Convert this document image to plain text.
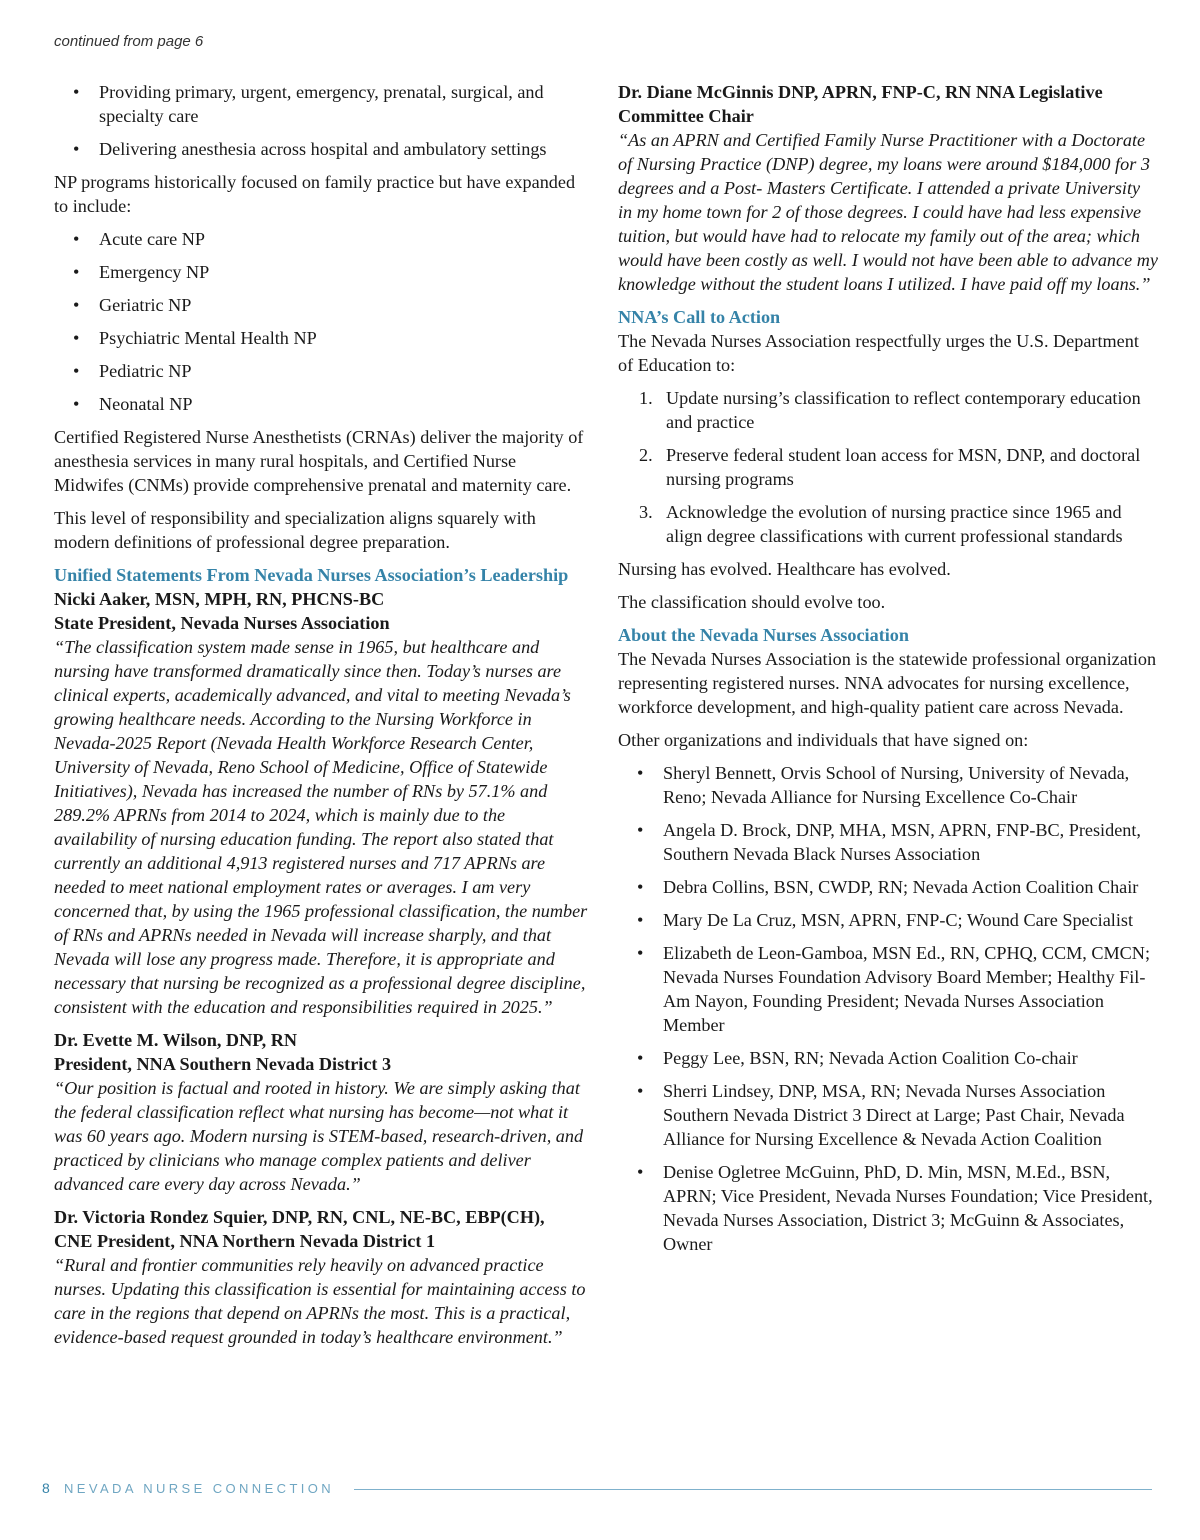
continued from page 6
• Providing primary, urgent, emergency, prenatal, surgical, and specialty care
• Delivering anesthesia across hospital and ambulatory settings

NP programs historically focused on family practice but have expanded to include:

• Acute care NP
• Emergency NP
• Geriatric NP
• Psychiatric Mental Health NP
• Pediatric NP
• Neonatal NP

Certified Registered Nurse Anesthetists (CRNAs) deliver the majority of anesthesia services in many rural hospitals, and Certified Nurse Midwifes (CNMs) provide comprehensive prenatal and maternity care.

This level of responsibility and specialization aligns squarely with modern definitions of professional degree preparation.

Unified Statements From Nevada Nurses Association’s Leadership
Nicki Aaker, MSN, MPH, RN, PHCNS-BC
State President, Nevada Nurses Association

“The classification system made sense in 1965, but healthcare and nursing have transformed dramatically since then. Today’s nurses are clinical experts, academically advanced, and vital to meeting Nevada’s growing healthcare needs. According to the Nursing Workforce in Nevada-2025 Report (Nevada Health Workforce Research Center, University of Nevada, Reno School of Medicine, Office of Statewide Initiatives), Nevada has increased the number of RNs by 57.1% and 289.2% APRNs from 2014 to 2024, which is mainly due to the availability of nursing education funding. The report also stated that currently an additional 4,913 registered nurses and 717 APRNs are needed to meet national employment rates or averages. I am very concerned that, by using the 1965 professional classification, the number of RNs and APRNs needed in Nevada will increase sharply, and that Nevada will lose any progress made. Therefore, it is appropriate and necessary that nursing be recognized as a professional degree discipline, consistent with the education and responsibilities required in 2025.”

Dr. Evette M. Wilson, DNP, RN
President, NNA Southern Nevada District 3

“Our position is factual and rooted in history. We are simply asking that the federal classification reflect what nursing has become—not what it was 60 years ago. Modern nursing is STEM-based, research-driven, and practiced by clinicians who manage complex patients and deliver advanced care every day across Nevada.”

Dr. Victoria Rondez Squier, DNP, RN, CNL, NE-BC, EBP(CH),
CNE President, NNA Northern Nevada District 1

“Rural and frontier communities rely heavily on advanced practice nurses. Updating this classification is essential for maintaining access to care in the regions that depend on APRNs the most. This is a practical, evidence-based request grounded in today’s healthcare environment.”

Dr. Diane McGinnis DNP, APRN, FNP-C, RN NNA Legislative Committee Chair

“As an APRN and Certified Family Nurse Practitioner with a Doctorate of Nursing Practice (DNP) degree, my loans were around $184,000 for 3 degrees and a Post- Masters Certificate. I attended a private University in my home town for 2 of those degrees. I could have had less expensive tuition, but would have had to relocate my family out of the area; which would have been costly as well. I would not have been able to advance my knowledge without the student loans I utilized. I have paid off my loans.”

NNA’s Call to Action

The Nevada Nurses Association respectfully urges the U.S. Department of Education to:

1. Update nursing’s classification to reflect contemporary education and practice
2. Preserve federal student loan access for MSN, DNP, and doctoral nursing programs
3. Acknowledge the evolution of nursing practice since 1965 and align degree classifications with current professional standards

Nursing has evolved. Healthcare has evolved.

The classification should evolve too.

About the Nevada Nurses Association

The Nevada Nurses Association is the statewide professional organization representing registered nurses. NNA advocates for nursing excellence, workforce development, and high-quality patient care across Nevada.

Other organizations and individuals that have signed on:

• Sheryl Bennett, Orvis School of Nursing, University of Nevada, Reno; Nevada Alliance for Nursing Excellence Co-Chair
• Angela D. Brock, DNP, MHA, MSN, APRN, FNP-BC, President, Southern Nevada Black Nurses Association
• Debra Collins, BSN, CWDP, RN; Nevada Action Coalition Chair
• Mary De La Cruz, MSN, APRN, FNP-C; Wound Care Specialist
• Elizabeth de Leon-Gamboa, MSN Ed., RN, CPHQ, CCM, CMCN; Nevada Nurses Foundation Advisory Board Member; Healthy Fil-Am Nayon, Founding President; Nevada Nurses Association Member
• Peggy Lee, BSN, RN; Nevada Action Coalition Co-chair
• Sherri Lindsey, DNP, MSA, RN; Nevada Nurses Association Southern Nevada District 3 Direct at Large; Past Chair, Nevada Alliance for Nursing Excellence & Nevada Action Coalition
• Denise Ogletree McGuinn, PhD, D. Min, MSN, M.Ed., BSN, APRN; Vice President, Nevada Nurses Foundation; Vice President, Nevada Nurses Association, District 3; McGuinn & Associates, Owner
8 NEVADA NURSE CONNECTION
